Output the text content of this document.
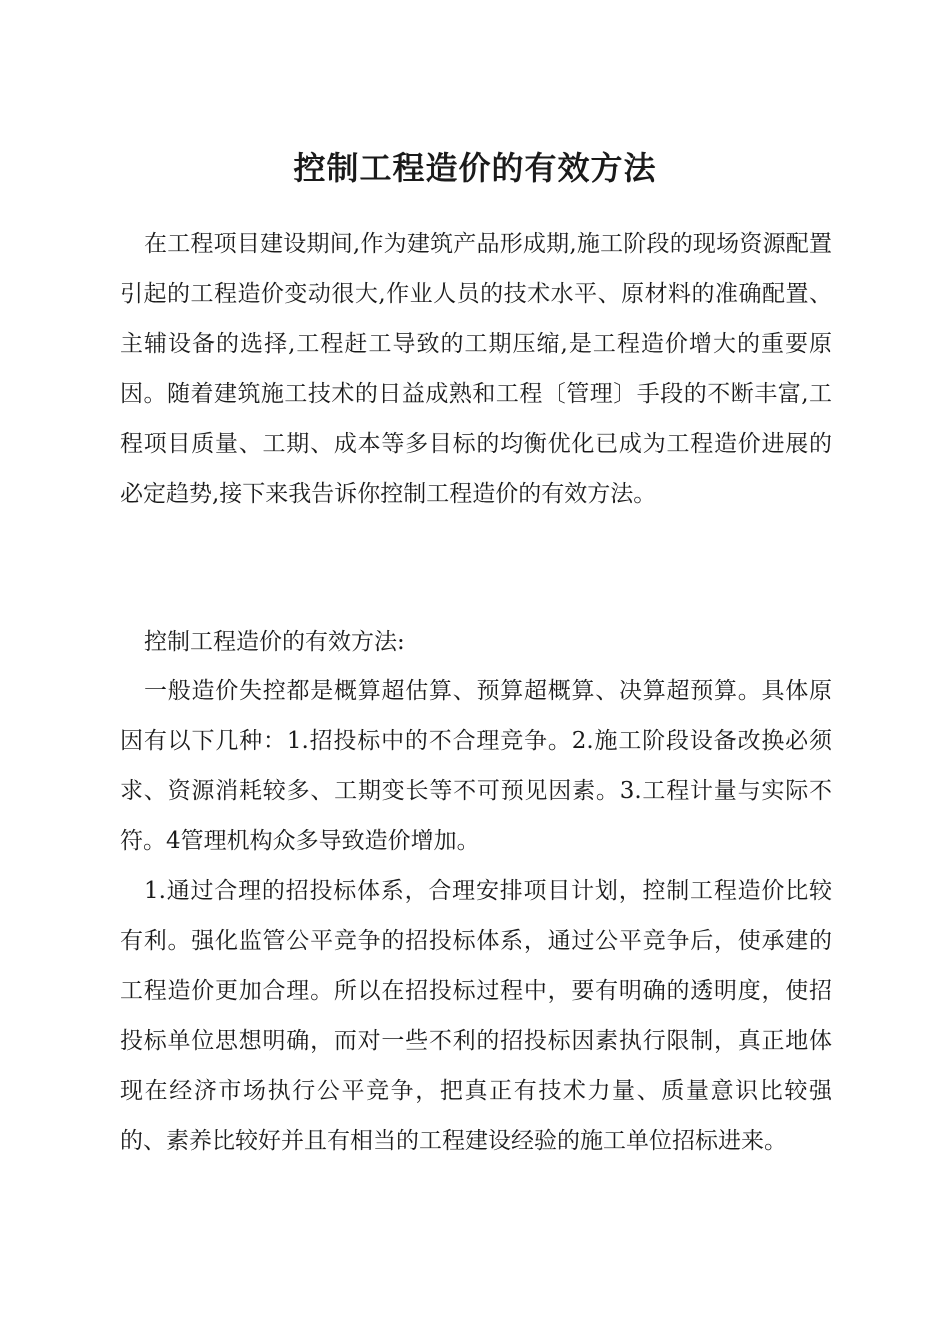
控制工程造价的有效方法

在工程项目建设期间,作为建筑产品形成期,施工阶段的现场资源配置引起的工程造价变动很大,作业人员的技术水平、原材料的准确配置、主辅设备的选择,工程赶工导致的工期压缩,是工程造价增大的重要原因。随着建筑施工技术的日益成熟和工程〔管理〕手段的不断丰富,工程项目质量、工期、成本等多目标的均衡优化已成为工程造价进展的必定趋势,接下来我告诉你控制工程造价的有效方法。

控制工程造价的有效方法:

一般造价失控都是概算超估算、预算超概算、决算超预算。具体原因有以下几种：1.招投标中的不合理竞争。2.施工阶段设备改换必须求、资源消耗较多、工期变长等不可预见因素。3.工程计量与实际不符。4管理机构众多导致造价增加。

1.通过合理的招投标体系，合理安排项目计划，控制工程造价比较有利。强化监管公平竞争的招投标体系，通过公平竞争后，使承建的工程造价更加合理。所以在招投标过程中，要有明确的透明度，使招投标单位思想明确，而对一些不利的招投标因素执行限制，真正地体现在经济市场执行公平竞争，把真正有技术力量、质量意识比较强的、素养比较好并且有相当的工程建设经验的施工单位招标进来。
